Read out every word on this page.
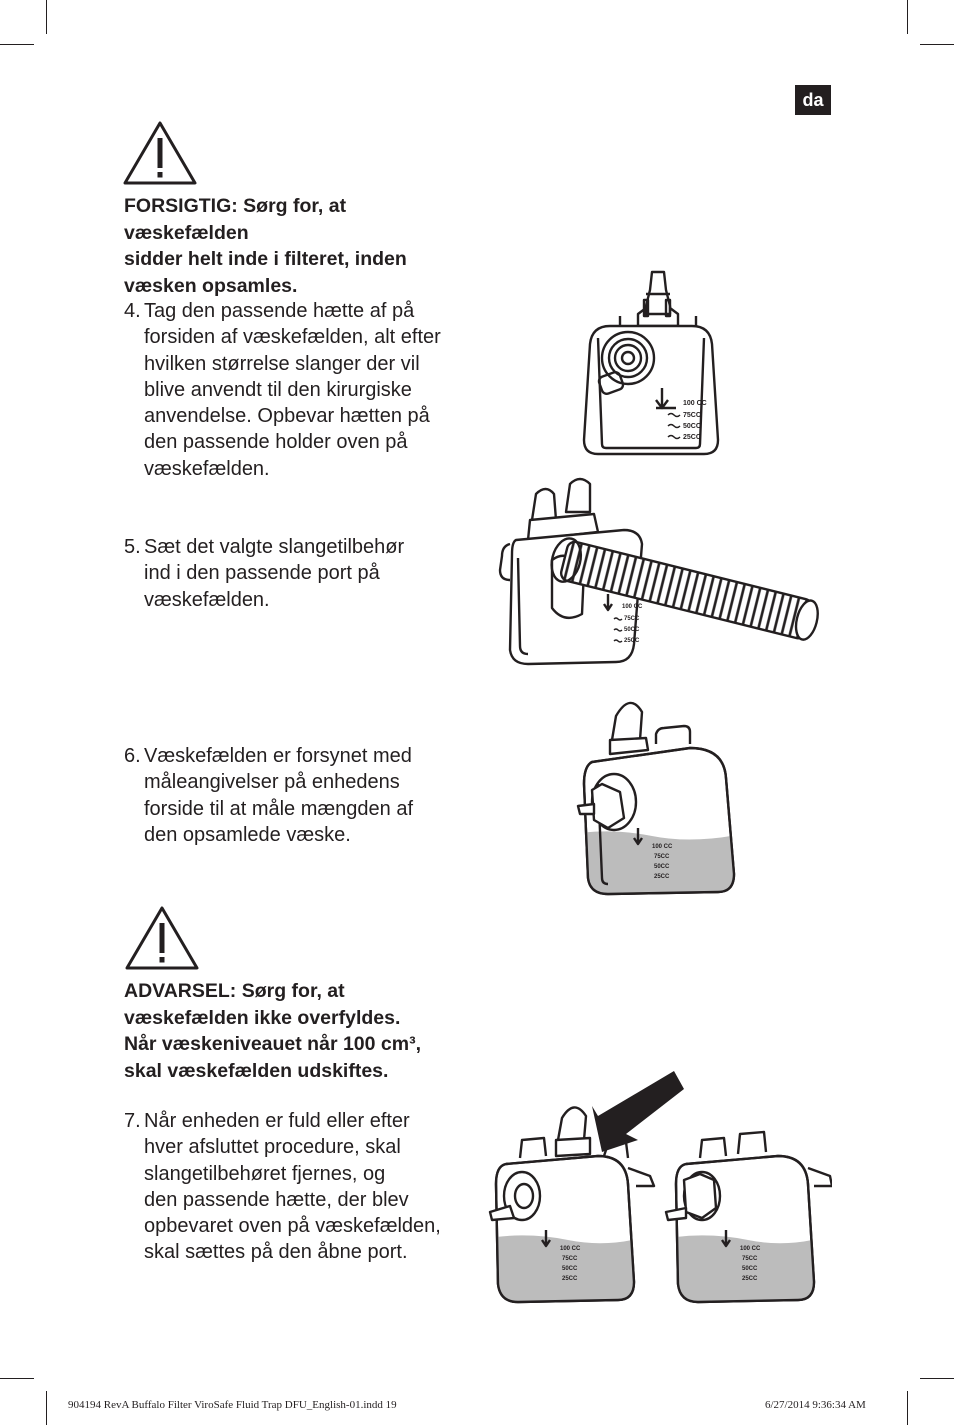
da

FORSIGTIG: Sørg for, at væskefælden

sidder helt inde i filteret, inden

væsken opsamles.

4. Tag den passende hætte af på
forsiden af væskefælden, alt efter
hvilken størrelse slanger der vil
blive anvendt til den kirurgiske
anvendelse. Opbevar hætten på
den passende holder oven på
væskefælden.
5. Sæt det valgte slangetilbehør
ind i den passende port på
væskefælden.
6. Væskefælden er forsynet med
måleangivelser på enhedens
forside til at måle mængden af
den opsamlede væske.

ADVARSEL: Sørg for, at

væskefælden ikke overfyldes.

Når væskeniveauet når 100 cm³,

skal væskefælden udskiftes.

7. Når enheden er fuld eller efter
hver afsluttet procedure, skal
slangetilbehøret fjernes, og
den passende hætte, der blev
opbevaret oven på væskefælden,
skal sættes på den åbne port.
100 CC
75CC
50CC
25CC
100 CC
75CC
50CC
25CC
100 CC
75CC
50CC
25CC
100 CC
75CC
50CC
25CC
100 CC
75CC
50CC
25CC
904194 RevA Buffalo Filter ViroSafe Fluid Trap DFU_English-01.indd 19	6/27/2014 9:36:34 AM
